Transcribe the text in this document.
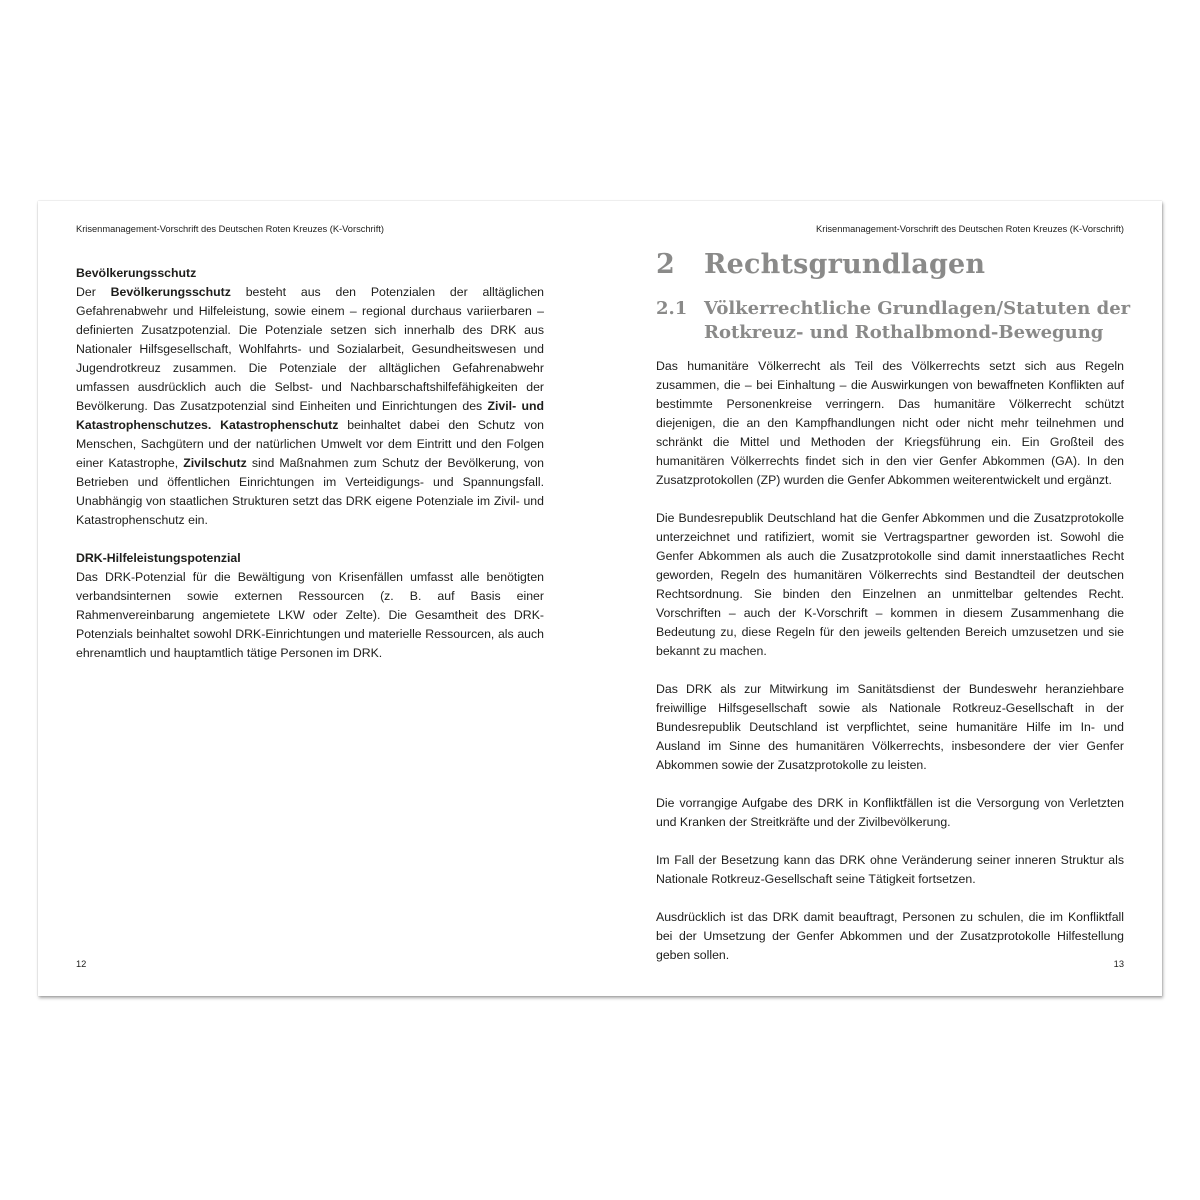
Krisenmanagement-Vorschrift des Deutschen Roten Kreuzes (K-Vorschrift)

Bevölkerungsschutz
Der Bevölkerungsschutz besteht aus den Potenzialen der alltäglichen Gefahrenabwehr und Hilfeleistung, sowie einem – regional durchaus variierbaren – definierten Zusatzpotenzial. Die Potenziale setzen sich innerhalb des DRK aus Nationaler Hilfsgesellschaft, Wohlfahrts- und Sozialarbeit, Gesundheitswesen und Jugendrotkreuz zusammen. Die Potenziale der alltäglichen Gefahrenabwehr umfassen ausdrücklich auch die Selbst- und Nachbarschaftshilfefähigkeiten der Bevölkerung. Das Zusatzpotenzial sind Einheiten und Einrichtungen des Zivil- und Katastrophenschutzes. Katastrophenschutz beinhaltet dabei den Schutz von Menschen, Sachgütern und der natürlichen Umwelt vor dem Eintritt und den Folgen einer Katastrophe, Zivilschutz sind Maßnahmen zum Schutz der Bevölkerung, von Betrieben und öffentlichen Einrichtungen im Verteidigungs- und Spannungsfall. Unabhängig von staatlichen Strukturen setzt das DRK eigene Potenziale im Zivil- und Katastrophenschutz ein.

DRK-Hilfeleistungspotenzial
Das DRK-Potenzial für die Bewältigung von Krisenfällen umfasst alle benötigten verbandsinternen sowie externen Ressourcen (z. B. auf Basis einer Rahmenvereinbarung angemietete LKW oder Zelte). Die Gesamtheit des DRK-Potenzials beinhaltet sowohl DRK-Einrichtungen und materielle Ressourcen, als auch ehrenamtlich und hauptamtlich tätige Personen im DRK.

12
Krisenmanagement-Vorschrift des Deutschen Roten Kreuzes (K-Vorschrift)
2 Rechtsgrundlagen
2.1 Völkerrechtliche Grundlagen/Statuten der
Rotkreuz- und Rothalbmond-Bewegung

Das humanitäre Völkerrecht als Teil des Völkerrechts setzt sich aus Regeln zusammen, die – bei Einhaltung – die Auswirkungen von bewaffneten Konflikten auf bestimmte Personenkreise verringern. Das humanitäre Völkerrecht schützt diejenigen, die an den Kampfhandlungen nicht oder nicht mehr teilnehmen und schränkt die Mittel und Methoden der Kriegsführung ein. Ein Großteil des humanitären Völkerrechts findet sich in den vier Genfer Abkommen (GA). In den Zusatzprotokollen (ZP) wurden die Genfer Abkommen weiterentwickelt und ergänzt.

Die Bundesrepublik Deutschland hat die Genfer Abkommen und die Zusatzprotokolle unterzeichnet und ratifiziert, womit sie Vertragspartner geworden ist. Sowohl die Genfer Abkommen als auch die Zusatzprotokolle sind damit innerstaatliches Recht geworden, Regeln des humanitären Völkerrechts sind Bestandteil der deutschen Rechtsordnung. Sie binden den Einzelnen an unmittelbar geltendes Recht. Vorschriften – auch der K-Vorschrift – kommen in diesem Zusammenhang die Bedeutung zu, diese Regeln für den jeweils geltenden Bereich umzusetzen und sie bekannt zu machen.

Das DRK als zur Mitwirkung im Sanitätsdienst der Bundeswehr heranziehbare freiwillige Hilfsgesellschaft sowie als Nationale Rotkreuz-Gesellschaft in der Bundesrepublik Deutschland ist verpflichtet, seine humanitäre Hilfe im In- und Ausland im Sinne des humanitären Völkerrechts, insbesondere der vier Genfer Abkommen sowie der Zusatzprotokolle zu leisten.

Die vorrangige Aufgabe des DRK in Konfliktfällen ist die Versorgung von Verletzten und Kranken der Streitkräfte und der Zivilbevölkerung.

Im Fall der Besetzung kann das DRK ohne Veränderung seiner inneren Struktur als Nationale Rotkreuz-Gesellschaft seine Tätigkeit fortsetzen.

Ausdrücklich ist das DRK damit beauftragt, Personen zu schulen, die im Konfliktfall bei der Umsetzung der Genfer Abkommen und der Zusatzprotokolle Hilfestellung geben sollen.

13
